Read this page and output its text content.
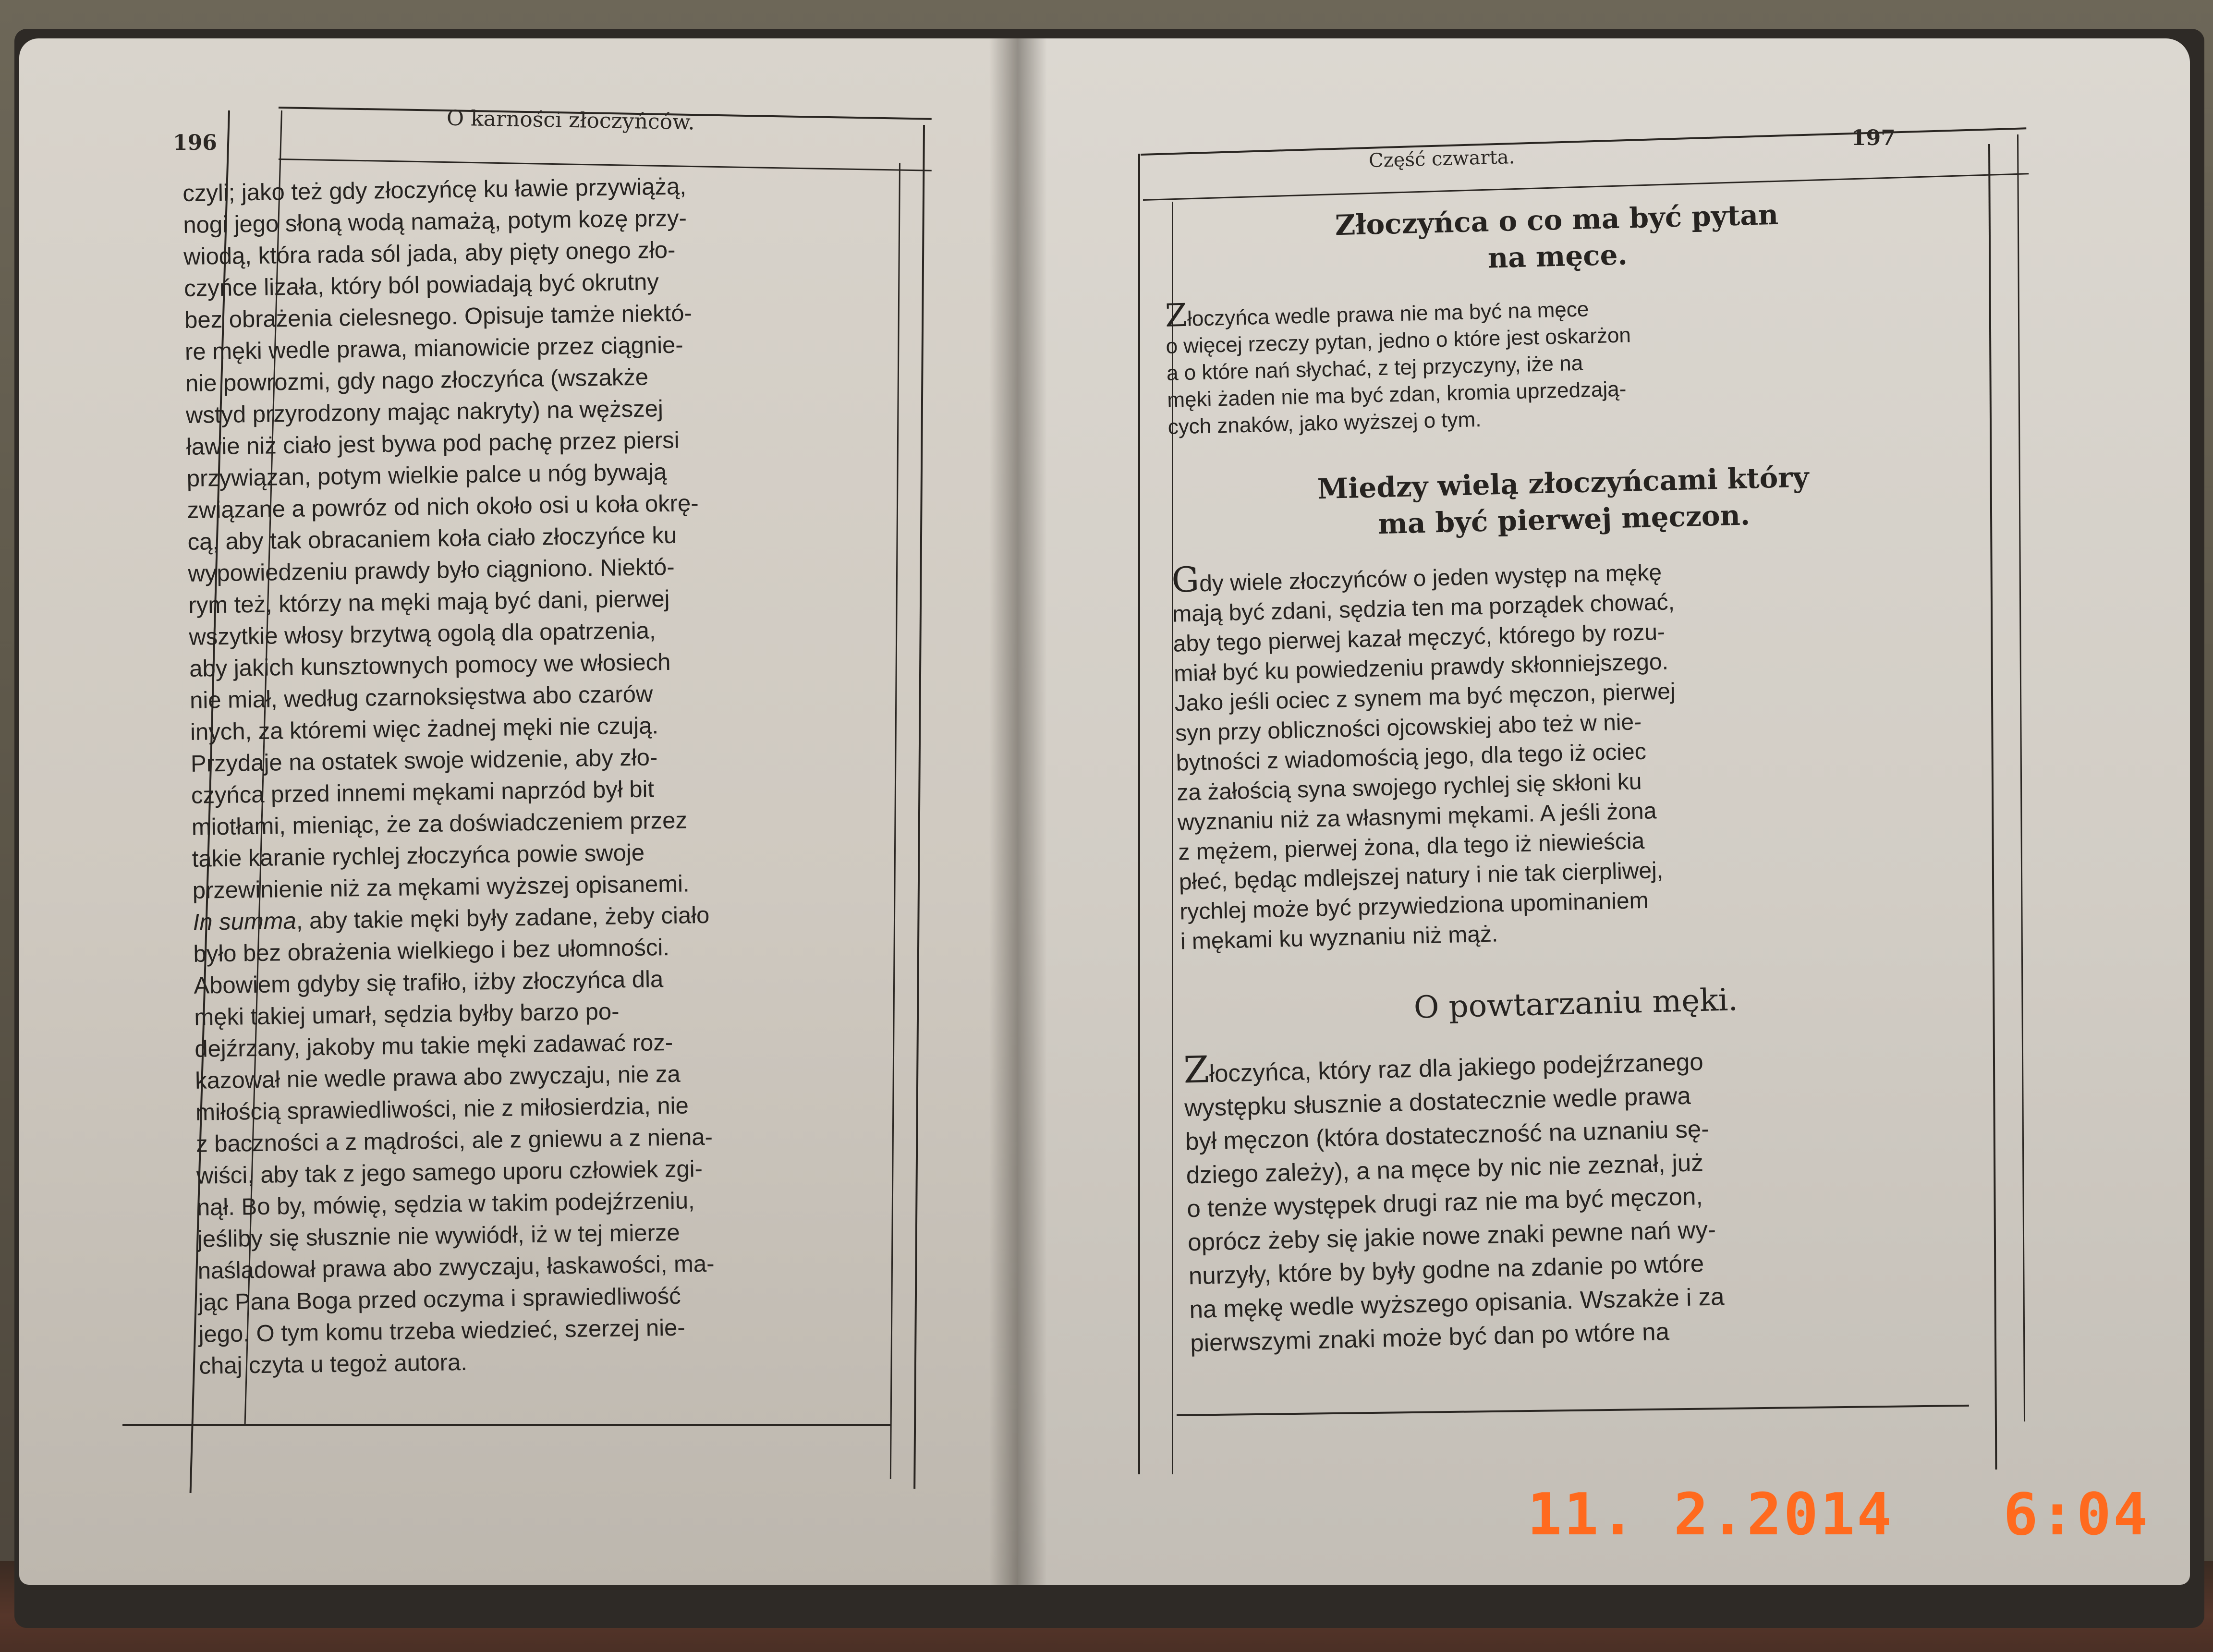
196
O karności złoczyńców.
197
Część czwarta.
czyli; jako też gdy złoczyńcę ku ławie przywiążą,
nogi jego słoną wodą namażą, potym kozę przy-
wiodą, która rada sól jada, aby pięty onego zło-
czyńce lizała, który ból powiadają być okrutny
bez obrażenia cielesnego. Opisuje tamże niektó-
re męki wedle prawa, mianowicie przez ciągnie-
nie powrozmi, gdy nago złoczyńca (wszakże
wstyd przyrodzony mając nakryty) na węższej
ławie niż ciało jest bywa pod pachę przez piersi
przywiązan, potym wielkie palce u nóg bywają
związane a powróz od nich około osi u koła okrę-
cą, aby tak obracaniem koła ciało złoczyńce ku
wypowiedzeniu prawdy było ciągniono. Niektó-
rym też, którzy na męki mają być dani, pierwej
wszytkie włosy brzytwą ogolą dla opatrzenia,
aby jakich kunsztownych pomocy we włosiech
nie miał, według czarnoksięstwa abo czarów
inych, za któremi więc żadnej męki nie czują.
Przydaje na ostatek swoje widzenie, aby zło-
czyńca przed innemi mękami naprzód był bit
miotłami, mieniąc, że za doświadczeniem przez
takie karanie rychlej złoczyńca powie swoje
przewinienie niż za mękami wyższej opisanemi.
In summa, aby takie męki były zadane, żeby ciało
było bez obrażenia wielkiego i bez ułomności.
Abowiem gdyby się trafiło, iżby złoczyńca dla
męki takiej umarł, sędzia byłby barzo po-
dejźrzany, jakoby mu takie męki zadawać roz-
kazował nie wedle prawa abo zwyczaju, nie za
miłością sprawiedliwości, nie z miłosierdzia, nie
z baczności a z mądrości, ale z gniewu a z niena-
wiści, aby tak z jego samego uporu człowiek zgi-
nął. Bo by, mówię, sędzia w takim podejźrzeniu,
jeśliby się słusznie nie wywiódł, iż w tej mierze
naśladował prawa abo zwyczaju, łaskawości, ma-
jąc Pana Boga przed oczyma i sprawiedliwość
jego. O tym komu trzeba wiedzieć, szerzej nie-
chaj czyta u tegoż autora.

Złoczyńca o co ma być pytan

na męce.

Złoczyńca wedle prawa nie ma być na męce

o więcej rzeczy pytan, jedno o które jest oskarżon

a o które nań słychać, z tej przyczyny, iże na

męki żaden nie ma być zdan, kromia uprzedzają-

cych znaków, jako wyższej o tym.

Miedzy wielą złoczyńcami który

ma być pierwej męczon.

Gdy wiele złoczyńców o jeden występ na mękę

mają być zdani, sędzia ten ma porządek chować,

aby tego pierwej kazał męczyć, którego by rozu-

miał być ku powiedzeniu prawdy skłonniejszego.

Jako jeśli ociec z synem ma być męczon, pierwej

syn przy obliczności ojcowskiej abo też w nie-

bytności z wiadomością jego, dla tego iż ociec

za żałością syna swojego rychlej się skłoni ku

wyznaniu niż za własnymi mękami. A jeśli żona

z mężem, pierwej żona, dla tego iż niewieścia

płeć, będąc mdlejszej natury i nie tak cierpliwej,

rychlej może być przywiedziona upominaniem

i mękami ku wyznaniu niż mąż.

O powtarzaniu męki.

Złoczyńca, który raz dla jakiego podejźrzanego

występku słusznie a dostatecznie wedle prawa

był męczon (która dostateczność na uznaniu sę-

dziego zależy), a na męce by nic nie zeznał, już

o tenże występek drugi raz nie ma być męczon,

oprócz żeby się jakie nowe znaki pewne nań wy-

nurzyły, które by były godne na zdanie po wtóre

na mękę wedle wyższego opisania. Wszakże i za

pierwszymi znaki może być dan po wtóre na

11. 2.2014 6:04
